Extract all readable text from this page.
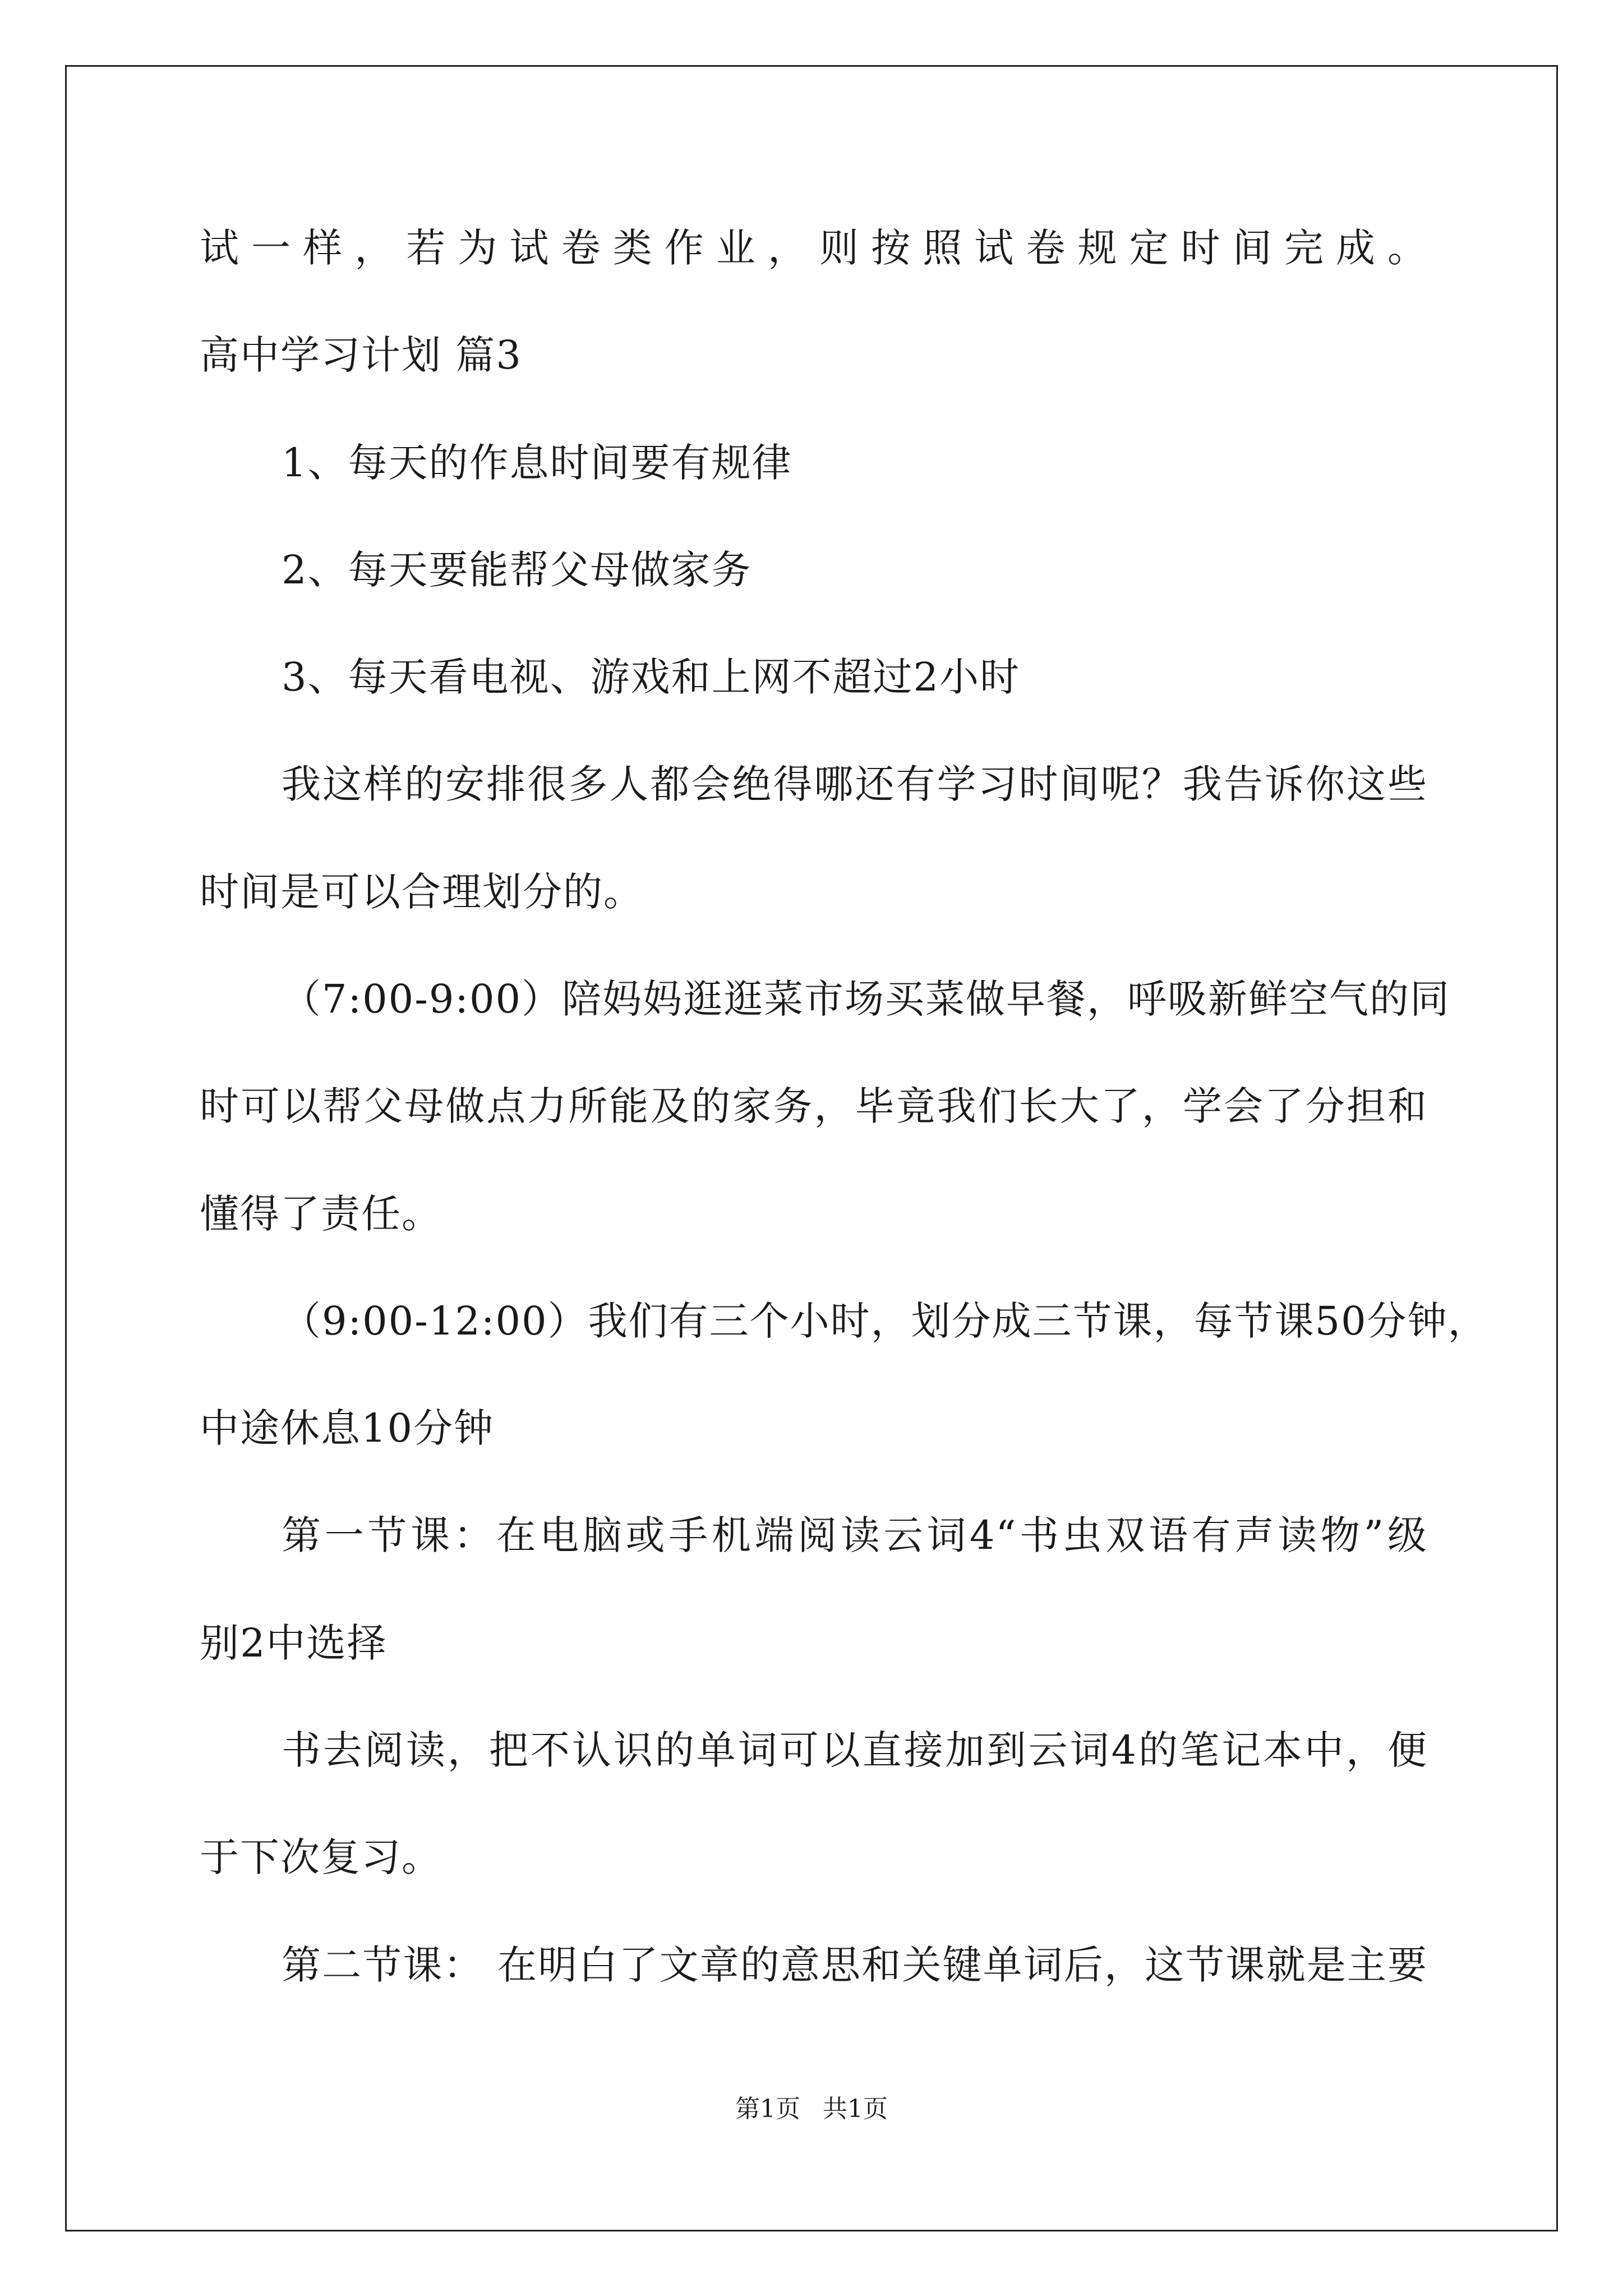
试一样，若为试卷类作业，则按照试卷规定时间完成。
高中学习计划 篇3
1、每天的作息时间要有规律
2、每天要能帮父母做家务
3、每天看电视、游戏和上网不超过2小时
我这样的安排很多人都会绝得哪还有学习时间呢？我告诉你这些
时间是可以合理划分的。
（7:00-9:00）陪妈妈逛逛菜市场买菜做早餐，呼吸新鲜空气的同
时可以帮父母做点力所能及的家务，毕竟我们长大了，学会了分担和
懂得了责任。
（9:00-12:00）我们有三个小时，划分成三节课，每节课50分钟，
中途休息10分钟
第一节课：在电脑或手机端阅读云词4“书虫双语有声读物”级
别2中选择
书去阅读，把不认识的单词可以直接加到云词4的笔记本中，便
于下次复习。
第二节课： 在明白了文章的意思和关键单词后，这节课就是主要
第1页 共1页
